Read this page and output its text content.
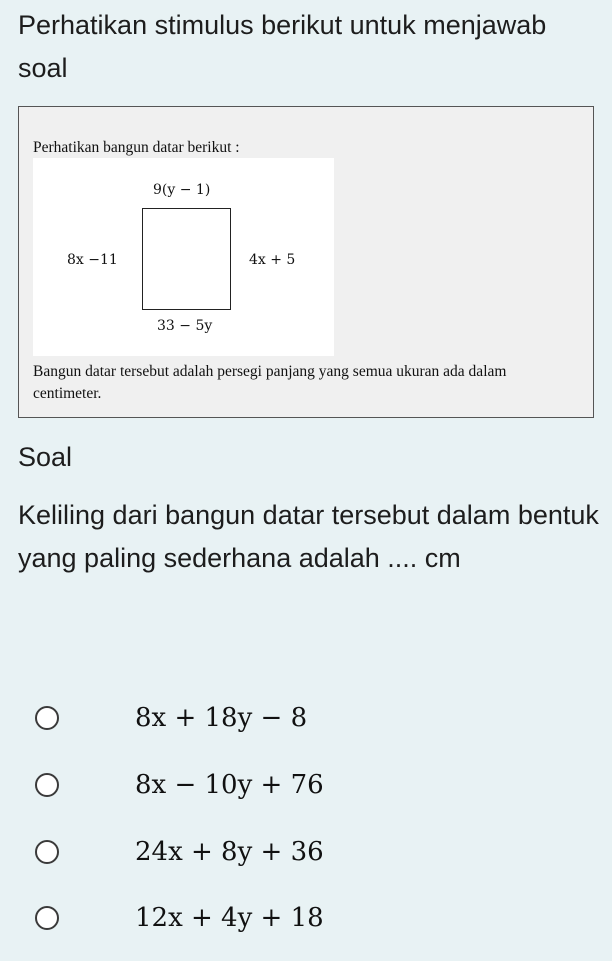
Perhatikan stimulus berikut untuk menjawab soal
Perhatikan bangun datar berikut :
9(y − 1)
8x −11	4x + 5
33 − 5y
Bangun datar tersebut adalah persegi panjang yang semua ukuran ada dalam centimeter.
Soal
Keliling dari bangun datar tersebut dalam bentuk yang paling sederhana adalah .... cm
8x + 18y − 8
8x − 10y + 76
24x + 8y + 36
12x + 4y + 18
